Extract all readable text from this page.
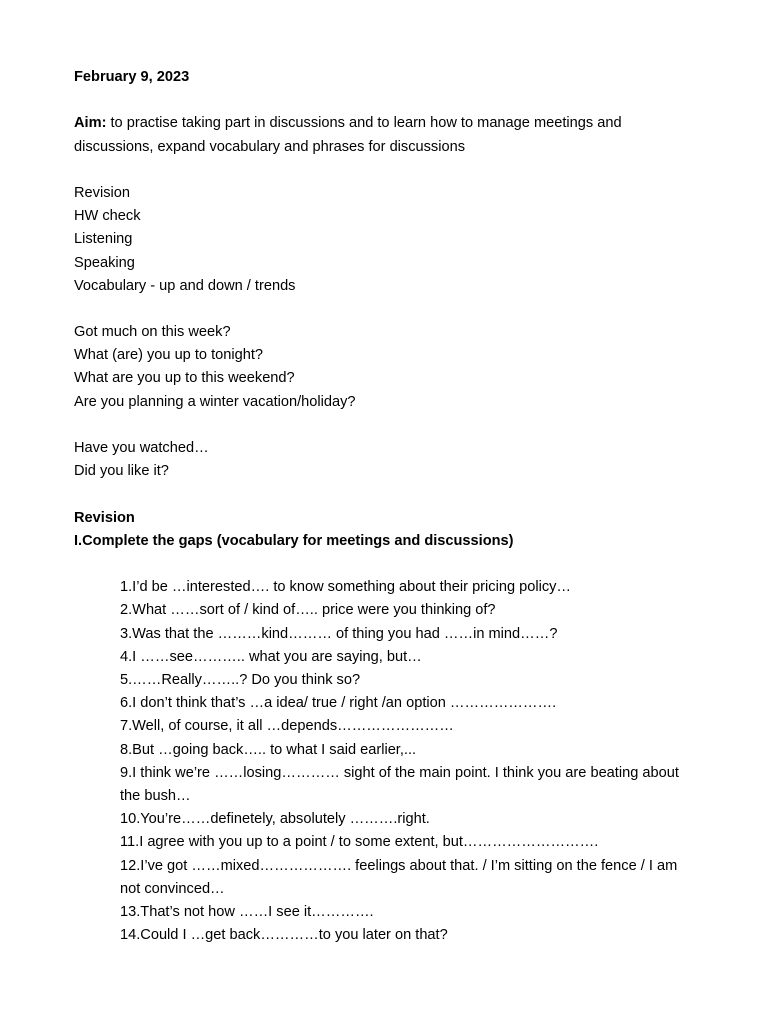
February 9, 2023
Aim: to practise taking part in discussions and to learn how to manage meetings and discussions, expand vocabulary and phrases for discussions
Revision
HW check
Listening
Speaking
Vocabulary - up and down / trends
Got much on this week?
What (are) you up to tonight?
What are you up to this weekend?
Are you planning a winter vacation/holiday?
Have you watched…
Did you like it?
Revision
I.Complete the gaps (vocabulary for meetings and discussions)
1.I’d be …interested…. to know something about their pricing policy…
2.What ……sort of / kind of….. price were you thinking of?
3.Was that the ………kind……… of thing you had ……in mind……?
4.I ……see……….. what you are saying, but…
5.……Really……..? Do you think so?
6.I don’t think that’s …a idea/ true / right /an option ………………….
7.Well, of course, it all …depends……………………
8.But …going back….. to what I said earlier,...
9.I think we’re ……losing………… sight of the main point. I think you are beating about the bush…
10.You’re……definetely, absolutely ……….right.
11.I agree with you up to a point / to some extent, but……………………….
12.I’ve got ……mixed………………. feelings about that. / I’m sitting on the fence / I am not convinced…
13.That’s not how ……I see it………….
14.Could I …get back…………to you later on that?
